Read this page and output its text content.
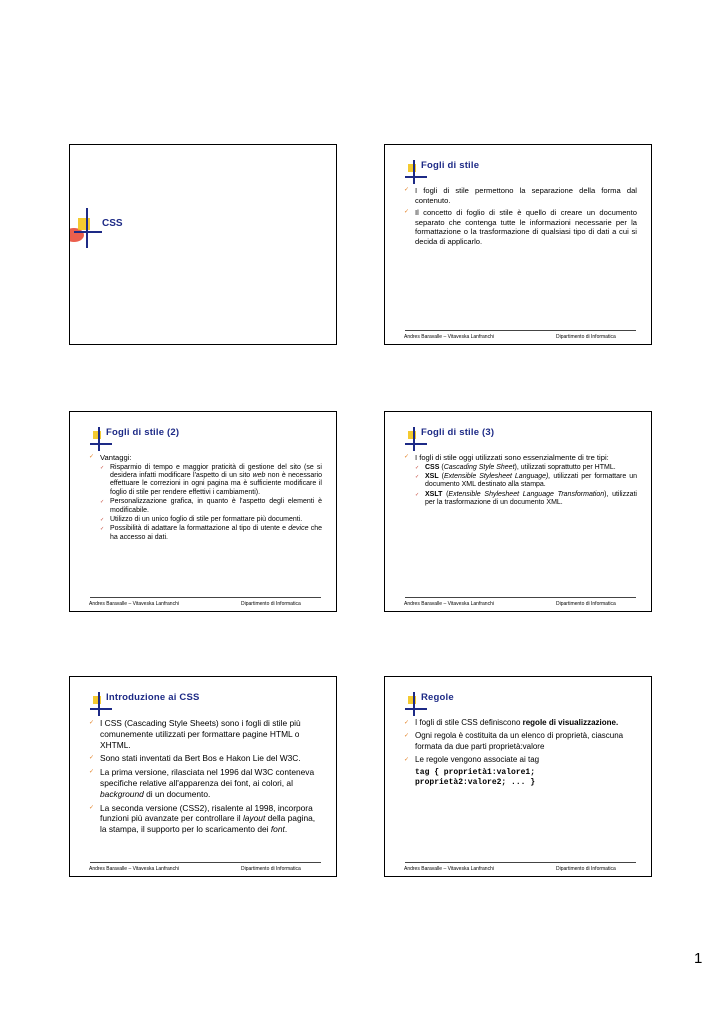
CSS
Fogli di stile
✓ I fogli di stile permettono la separazione della forma dal contenuto.
✓ Il concetto di foglio di stile è quello di creare un documento separato che contenga tutte le informazioni necessarie per la formattazione o la trasformazione di qualsiasi tipo di dati a cui si decida di applicarlo.
Andres Baravalle – Vitaveska Lanfranchi	Dipartimento di Informatica
Fogli di stile (2)
✓ Vantaggi:
✓ Risparmio di tempo e maggior praticità di gestione del sito (se si desidera infatti modificare l'aspetto di un sito web non è necessario effettuare le correzioni in ogni pagina ma è sufficiente modificare il foglio di stile per rendere effettivi i cambiamenti).
✓ Personalizzazione grafica, in quanto è l'aspetto degli elementi è modificabile.
✓ Utilizzo di un unico foglio di stile per formattare più documenti.
✓ Possibilità di adattare la formattazione al tipo di utente e device che ha accesso ai dati.
Andres Baravalle – Vitaveska Lanfranchi	Dipartimento di Informatica
Fogli di stile (3)
✓ I fogli di stile oggi utilizzati sono essenzialmente di tre tipi:
✓ CSS (Cascading Style Sheet), utilizzati soprattutto per HTML.
✓ XSL (Extensible Stylesheet Language), utilizzati per formattare un documento XML destinato alla stampa.
✓ XSLT (Extensible Shylesheet Language Transformation), utilizzati per la trasformazione di un documento XML.
Andres Baravalle – Vitaveska Lanfranchi	Dipartimento di Informatica
Introduzione ai CSS
✓ I CSS (Cascading Style Sheets) sono i fogli di stile più comunemente utilizzati per formattare pagine HTML o XHTML.
✓ Sono stati inventati da Bert Bos e Hakon Lie del W3C.
✓ La prima versione, rilasciata nel 1996 dal W3C conteneva specifiche relative all'apparenza dei font, ai colori, al background di un documento.
✓ La seconda versione (CSS2), risalente al 1998, incorpora funzioni più avanzate per controllare il layout della pagina, la stampa, il supporto per lo scaricamento dei font.
Andres Baravalle – Vitaveska Lanfranchi	Dipartimento di Informatica
Regole
✓ I fogli di stile CSS definiscono regole di visualizzazione.
✓ Ogni regola è costituita da un elenco di proprietà, ciascuna formata da due parti proprietà:valore
✓ Le regole vengono associate ai tag
tag { proprietà1:valore1;
proprietà2:valore2; ... }
Andres Baravalle – Vitaveska Lanfranchi	Dipartimento di Informatica
1
